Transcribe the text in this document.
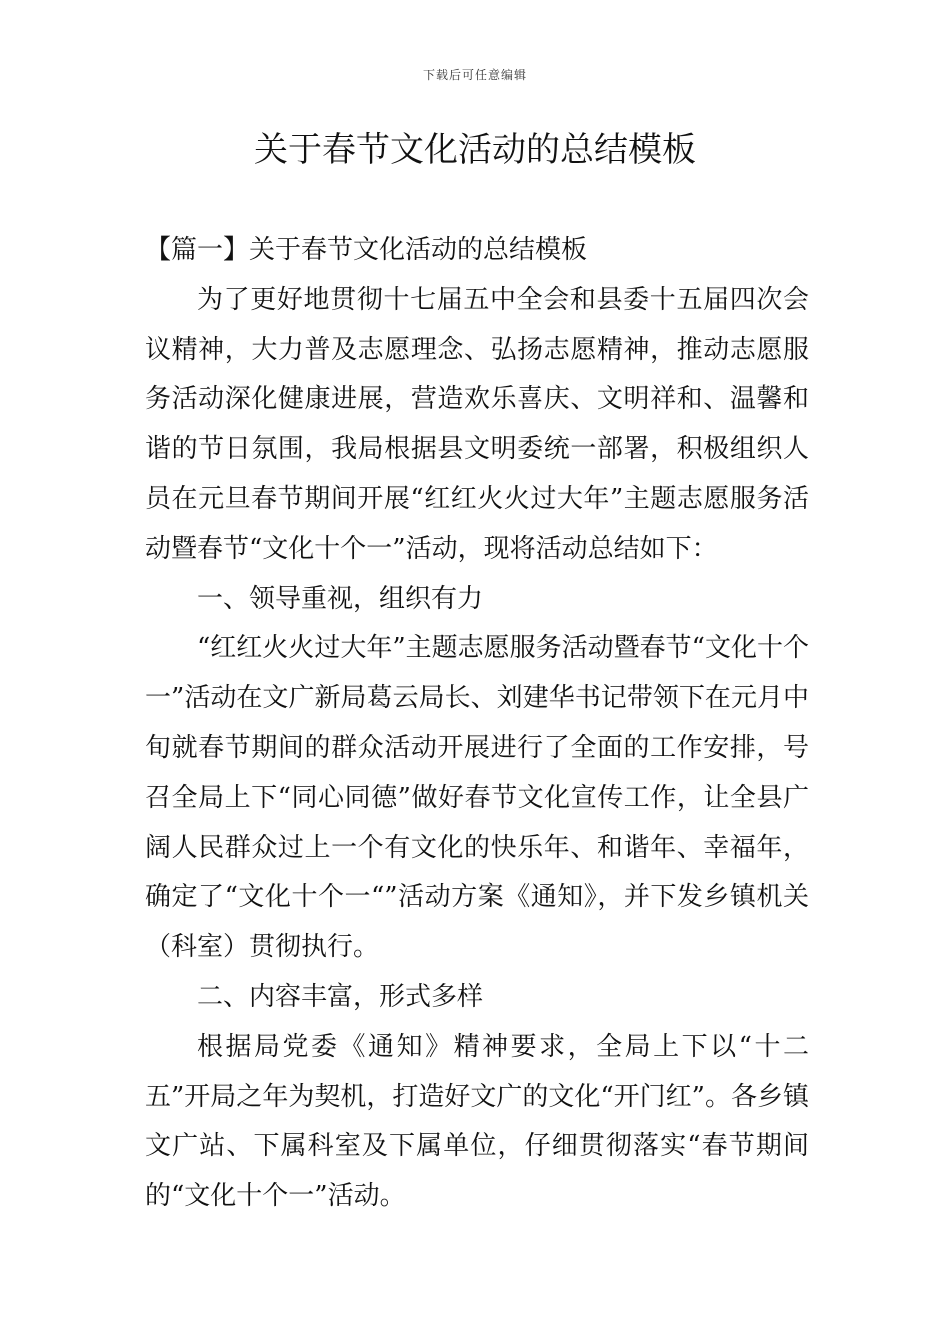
下载后可任意编辑
关于春节文化活动的总结模板

【篇一】关于春节文化活动的总结模板

为了更好地贯彻十七届五中全会和县委十五届四次会议精神，大力普及志愿理念、弘扬志愿精神，推动志愿服务活动深化健康进展，营造欢乐喜庆、文明祥和、温馨和谐的节日氛围，我局根据县文明委统一部署，积极组织人员在元旦春节期间开展“红红火火过大年”主题志愿服务活动暨春节“文化十个一”活动，现将活动总结如下：

一、领导重视，组织有力

“红红火火过大年”主题志愿服务活动暨春节“文化十个一”活动在文广新局葛云局长、刘建华书记带领下在元月中旬就春节期间的群众活动开展进行了全面的工作安排，号召全局上下“同心同德”做好春节文化宣传工作，让全县广阔人民群众过上一个有文化的快乐年、和谐年、幸福年，确定了“文化十个一“”活动方案《通知》，并下发乡镇机关（科室）贯彻执行。

二、内容丰富，形式多样

根据局党委《通知》精神要求，全局上下以“十二五”开局之年为契机，打造好文广的文化“开门红”。各乡镇文广站、下属科室及下属单位，仔细贯彻落实“春节期间的“文化十个一”活动。
